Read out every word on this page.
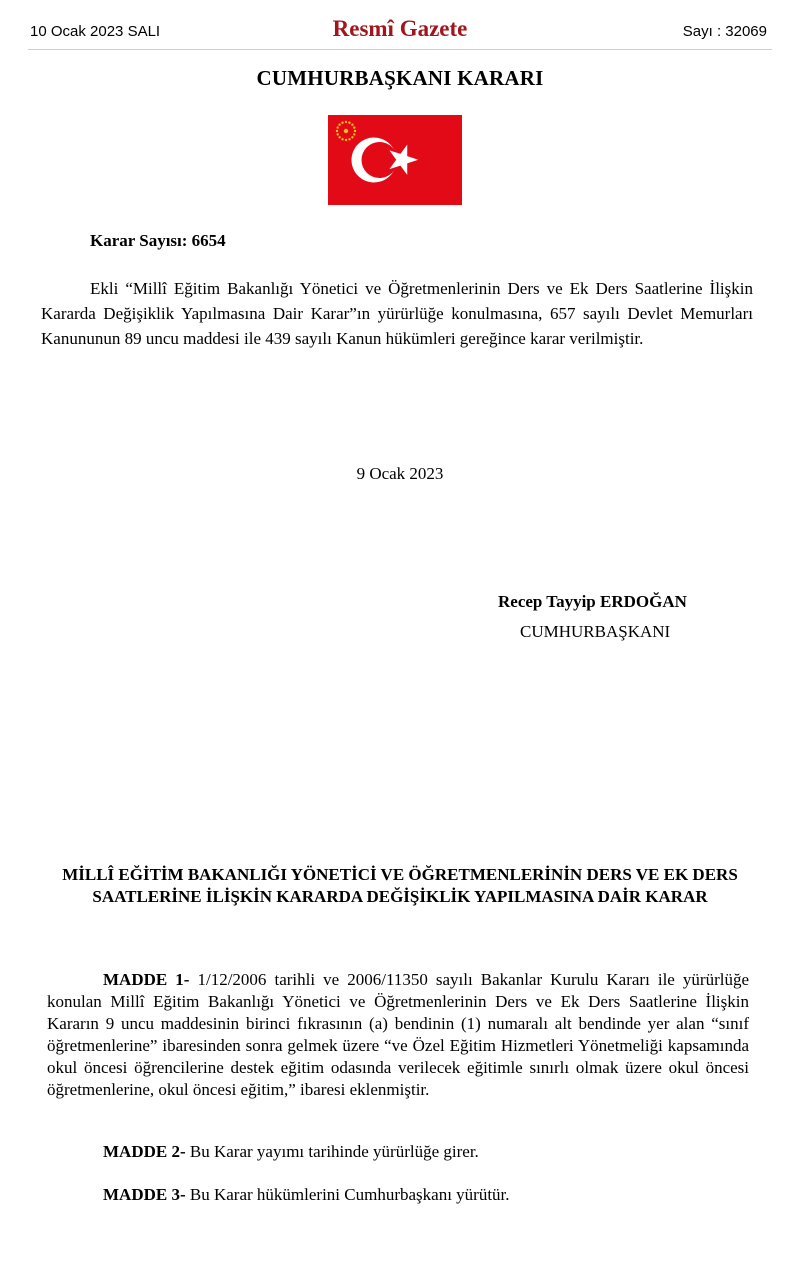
10 Ocak 2023 SALI	Resmî Gazete	Sayı : 32069
CUMHURBAŞKANI KARARI
Karar Sayısı: 6654
Ekli “Millî Eğitim Bakanlığı Yönetici ve Öğretmenlerinin Ders ve Ek Ders Saatlerine İlişkin Kararda Değişiklik Yapılmasına Dair Karar”ın yürürlüğe konulmasına, 657 sayılı Devlet Memurları Kanununun 89 uncu maddesi ile 439 sayılı Kanun hükümleri gereğince karar verilmiştir.
9 Ocak 2023
Recep Tayyip ERDOĞAN
CUMHURBAŞKANI
MİLLÎ EĞİTİM BAKANLIĞI YÖNETİCİ VE ÖĞRETMENLERİNİN DERS VE EK DERS SAATLERİNE İLİŞKİN KARARDA DEĞİŞİKLİK YAPILMASINA DAİR KARAR
MADDE 1- 1/12/2006 tarihli ve 2006/11350 sayılı Bakanlar Kurulu Kararı ile yürürlüğe konulan Millî Eğitim Bakanlığı Yönetici ve Öğretmenlerinin Ders ve Ek Ders Saatlerine İlişkin Kararın 9 uncu maddesinin birinci fıkrasının (a) bendinin (1) numaralı alt bendinde yer alan “sınıf öğretmenlerine” ibaresinden sonra gelmek üzere “ve Özel Eğitim Hizmetleri Yönetmeliği kapsamında okul öncesi öğrencilerine destek eğitim odasında verilecek eğitimle sınırlı olmak üzere okul öncesi öğretmenlerine, okul öncesi eğitim,” ibaresi eklenmiştir.
MADDE 2- Bu Karar yayımı tarihinde yürürlüğe girer.
MADDE 3- Bu Karar hükümlerini Cumhurbaşkanı yürütür.
